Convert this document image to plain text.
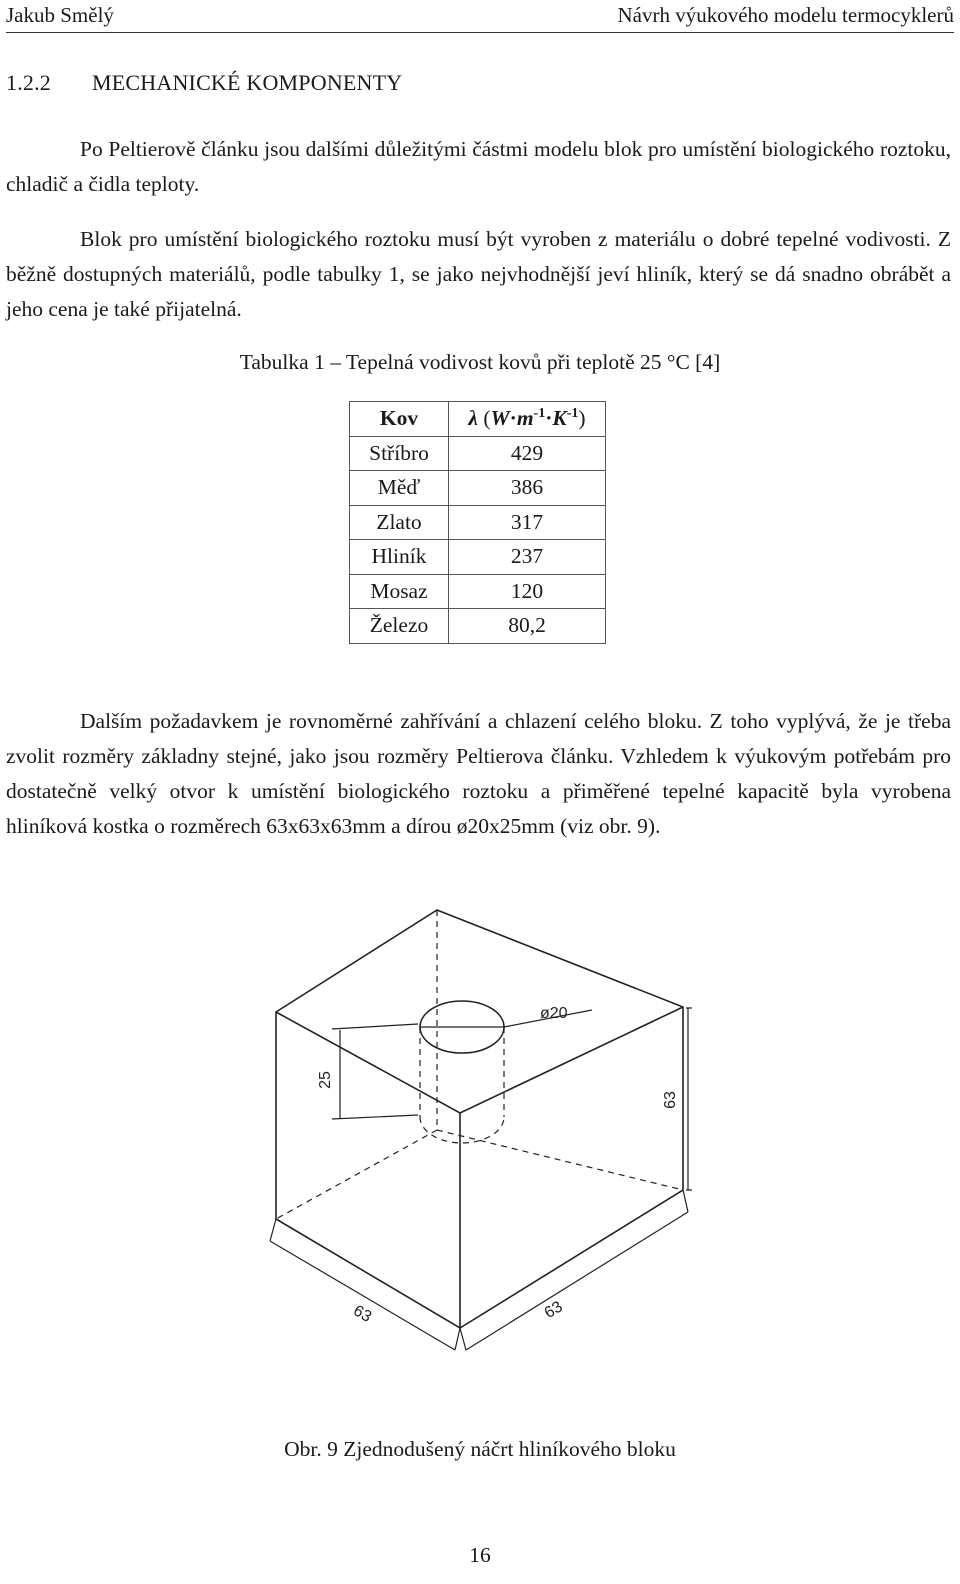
Jakub Smělý	Návrh výukového modelu termocyklerů
1.2.2 MECHANICKÉ KOMPONENTY
Po Peltierově článku jsou dalšími důležitými částmi modelu blok pro umístění biologického roztoku, chladič a čidla teploty.
Blok pro umístění biologického roztoku musí být vyroben z materiálu o dobré tepelné vodivosti. Z běžně dostupných materiálů, podle tabulky 1, se jako nejvhodnější jeví hliník, který se dá snadno obrábět a jeho cena je také přijatelná.
Tabulka 1 – Tepelná vodivost kovů při teplotě 25 °C [4]
Kov	λ $(W\cdot m^{-1}\cdot K^{-1})$
Stříbro	429
Měď	386
Zlato	317
Hliník	237
Mosaz	120
Železo	80,2
Dalším požadavkem je rovnoměrné zahřívání a chlazení celého bloku. Z toho vyplývá, že je třeba zvolit rozměry základny stejné, jako jsou rozměry Peltierova článku. Vzhledem k výukovým potřebám pro dostatečně velký otvor k umístění biologického roztoku a přiměřené tepelné kapacitě byla vyrobena hliníková kostka o rozměrech 63x63x63mm a dírou ø20x25mm (viz obr. 9).
ø20
25
63
63	63
Obr. 9 Zjednodušený náčrt hliníkového bloku
16
